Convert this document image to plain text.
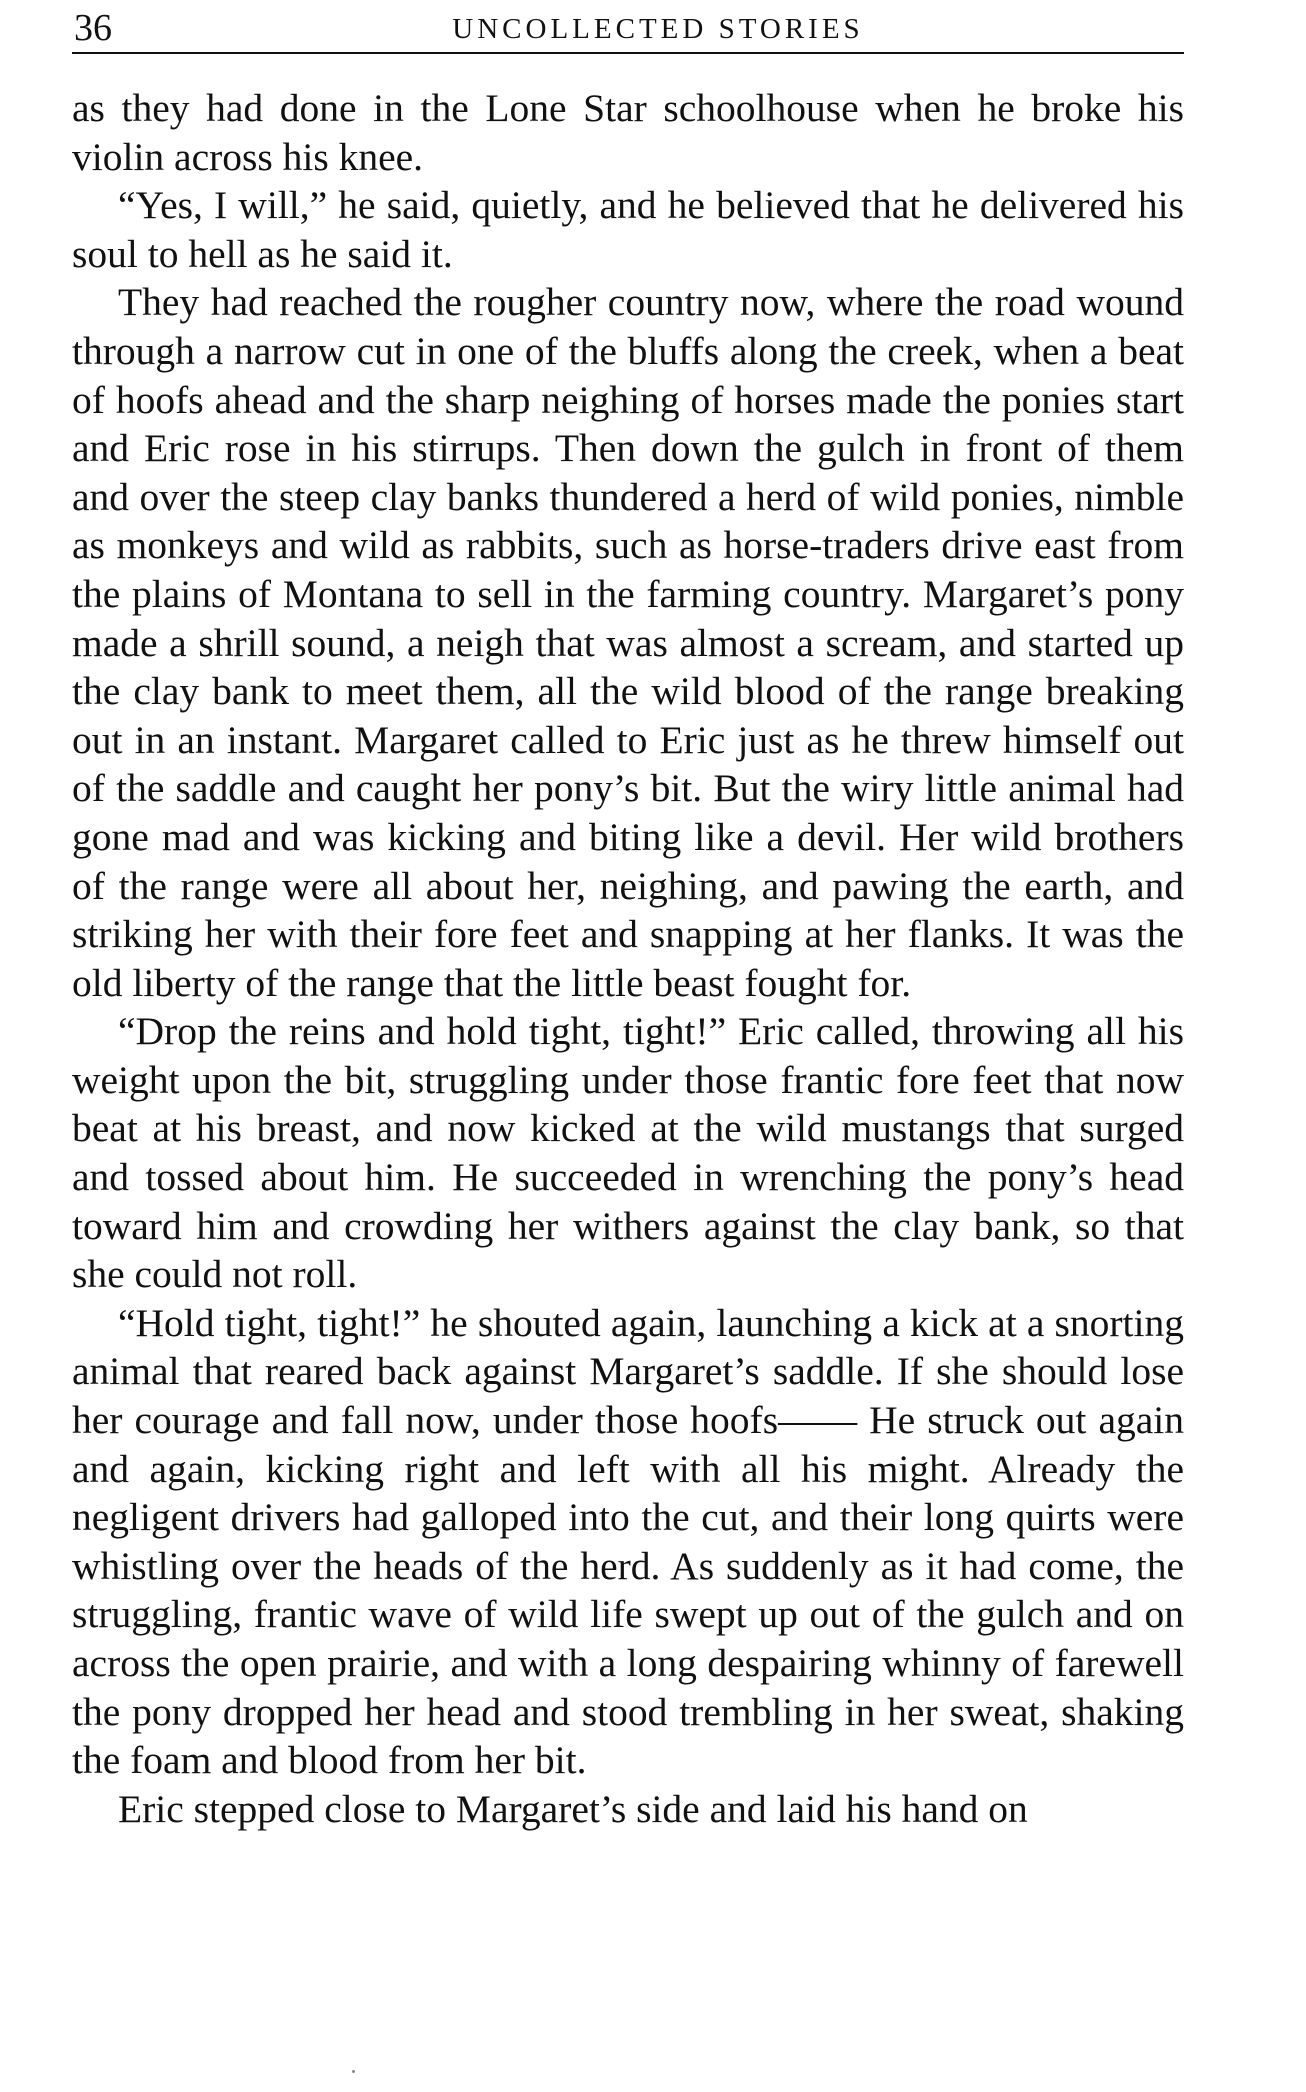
36	UNCOLLECTED STORIES

as they had done in the Lone Star schoolhouse when he broke his violin across his knee.

“Yes, I will,” he said, quietly, and he believed that he delivered his soul to hell as he said it.

They had reached the rougher country now, where the road wound through a narrow cut in one of the bluffs along the creek, when a beat of hoofs ahead and the sharp neighing of horses made the ponies start and Eric rose in his stirrups. Then down the gulch in front of them and over the steep clay banks thundered a herd of wild ponies, nimble as monkeys and wild as rabbits, such as horse-traders drive east from the plains of Montana to sell in the farming country. Margaret’s pony made a shrill sound, a neigh that was almost a scream, and started up the clay bank to meet them, all the wild blood of the range breaking out in an instant. Margaret called to Eric just as he threw himself out of the saddle and caught her pony’s bit. But the wiry little animal had gone mad and was kicking and biting like a devil. Her wild brothers of the range were all about her, neighing, and pawing the earth, and striking her with their fore feet and snapping at her flanks. It was the old liberty of the range that the little beast fought for.

“Drop the reins and hold tight, tight!” Eric called, throwing all his weight upon the bit, struggling under those frantic fore feet that now beat at his breast, and now kicked at the wild mustangs that surged and tossed about him. He succeeded in wrenching the pony’s head toward him and crowding her withers against the clay bank, so that she could not roll.

“Hold tight, tight!” he shouted again, launching a kick at a snorting animal that reared back against Margaret’s saddle. If she should lose her courage and fall now, under those hoofs—— He struck out again and again, kicking right and left with all his might. Already the negligent drivers had galloped into the cut, and their long quirts were whistling over the heads of the herd. As suddenly as it had come, the struggling, frantic wave of wild life swept up out of the gulch and on across the open prairie, and with a long despairing whinny of farewell the pony dropped her head and stood trembling in her sweat, shaking the foam and blood from her bit.

Eric stepped close to Margaret’s side and laid his hand on
